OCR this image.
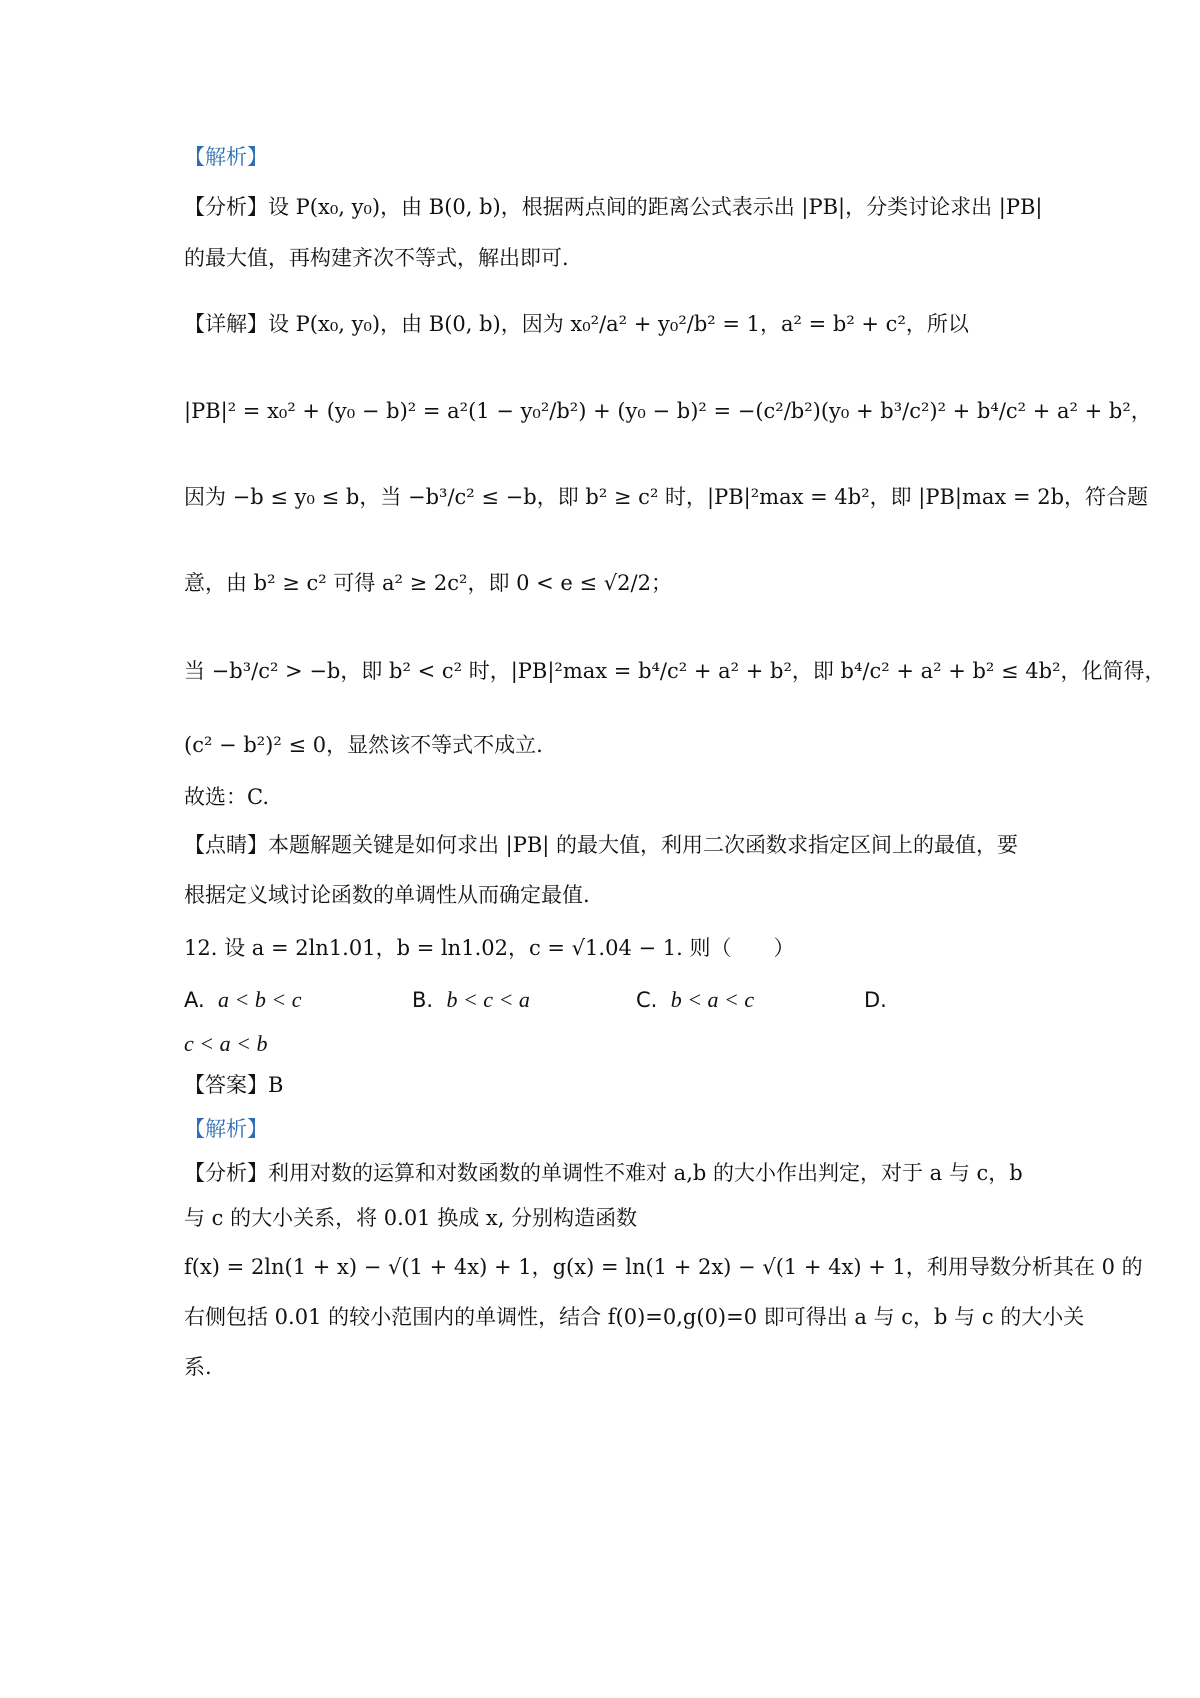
【解析】
【分析】设 P(x₀, y₀)，由 B(0, b)，根据两点间的距离公式表示出 |PB|，分类讨论求出 |PB|
的最大值，再构建齐次不等式，解出即可.
【详解】设 P(x₀, y₀)，由 B(0, b)，因为 x₀²/a² + y₀²/b² = 1，a² = b² + c²，所以
|PB|² = x₀² + (y₀ − b)² = a²(1 − y₀²/b²) + (y₀ − b)² = −(c²/b²)(y₀ + b³/c²)² + b⁴/c² + a² + b²，
因为 −b ≤ y₀ ≤ b，当 −b³/c² ≤ −b，即 b² ≥ c² 时，|PB|²max = 4b²，即 |PB|max = 2b，符合题
意，由 b² ≥ c² 可得 a² ≥ 2c²，即 0 < e ≤ √2/2；
当 −b³/c² > −b，即 b² < c² 时，|PB|²max = b⁴/c² + a² + b²，即 b⁴/c² + a² + b² ≤ 4b²，化简得，
(c² − b²)² ≤ 0，显然该不等式不成立.
故选：C.
【点睛】本题解题关键是如何求出 |PB| 的最大值，利用二次函数求指定区间上的最值，要
根据定义域讨论函数的单调性从而确定最值.
12. 设 a = 2ln1.01，b = ln1.02，c = √1.04 − 1. 则（　　）
A. a < b < c	B. b < c < a	C. b < a < c	D.
c < a < b
【答案】B
【解析】
【分析】利用对数的运算和对数函数的单调性不难对 a,b 的大小作出判定，对于 a 与 c，b
与 c 的大小关系，将 0.01 换成 x, 分别构造函数
f(x) = 2ln(1 + x) − √(1 + 4x) + 1，g(x) = ln(1 + 2x) − √(1 + 4x) + 1，利用导数分析其在 0 的
右侧包括 0.01 的较小范围内的单调性，结合 f(0)=0,g(0)=0 即可得出 a 与 c，b 与 c 的大小关
系.
